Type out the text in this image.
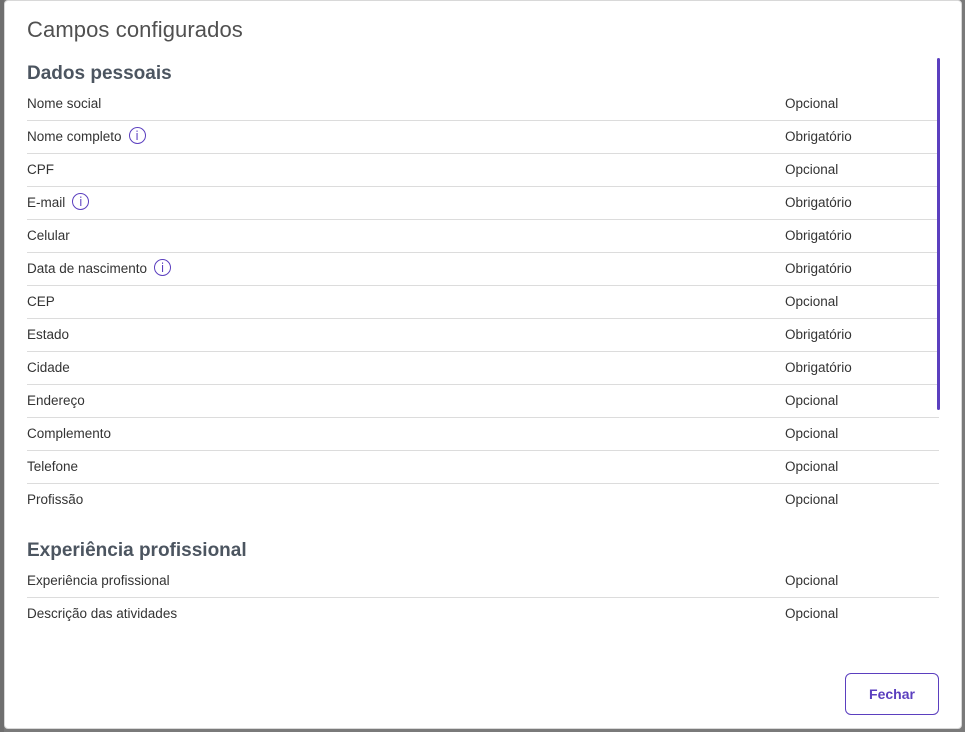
Campos configurados
Dados pessoais
Nome social	Opcional
Nome completo	i	Obrigatório
CPF	Opcional
E-mail	i	Obrigatório
Celular	Obrigatório
Data de nascimento	i	Obrigatório
CEP	Opcional
Estado	Obrigatório
Cidade	Obrigatório
Endereço	Opcional
Complemento	Opcional
Telefone	Opcional
Profissão	Opcional
Experiência profissional
Experiência profissional	Opcional
Descrição das atividades	Opcional
Fechar
